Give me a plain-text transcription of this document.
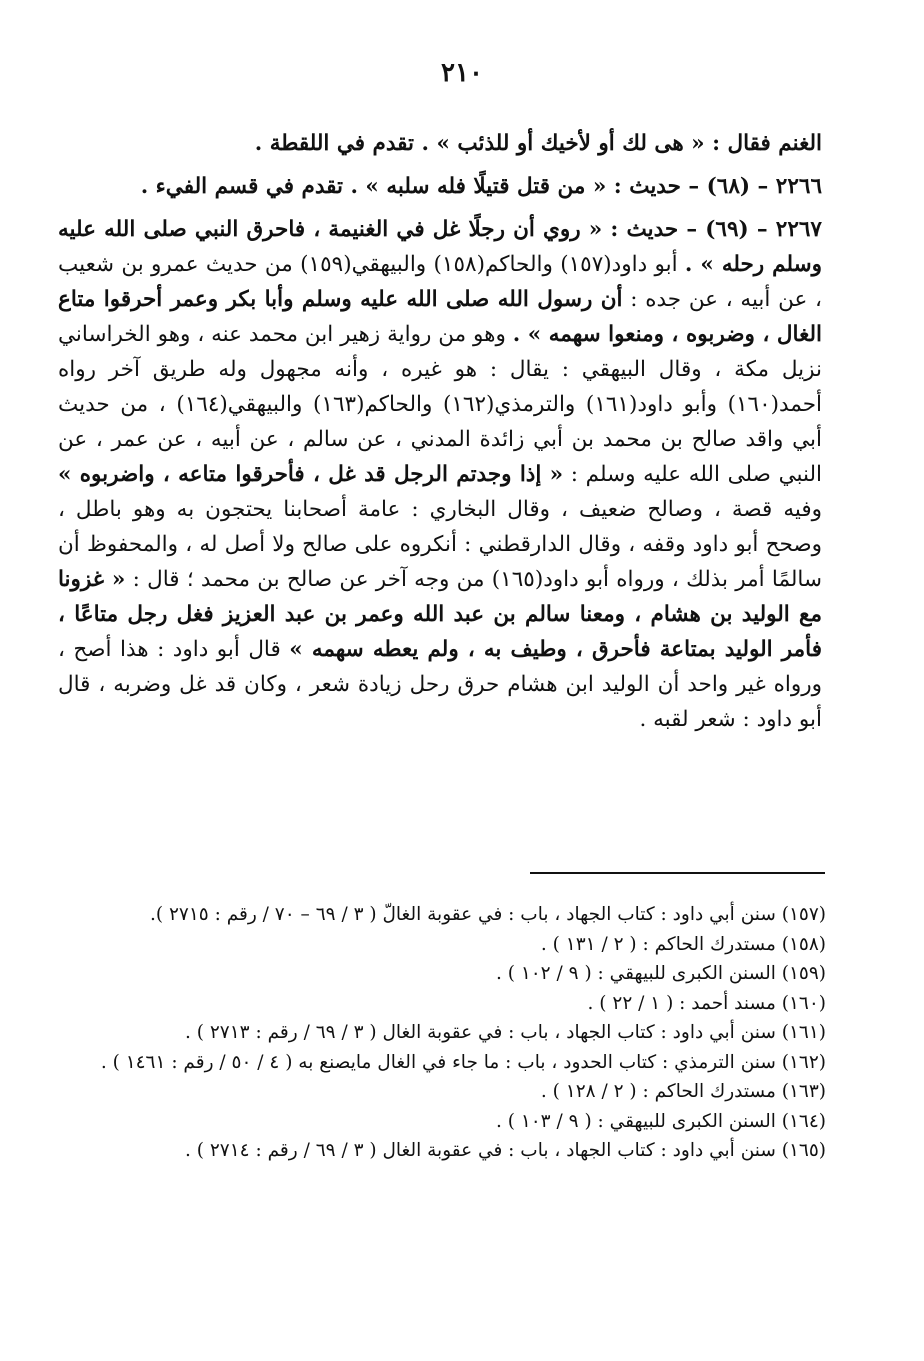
٢١٠

الغنم فقال : « هى لك أو لأخيك أو للذئب » . تقدم في اللقطة .

٢٢٦٦ – (٦٨) – حديث : « من قتل قتيلًا فله سلبه » . تقدم في قسم الفيء .

٢٢٦٧ – (٦٩) – حديث : « روي أن رجلًا غل في الغنيمة ، فاحرق النبي صلى الله عليه وسلم رحله » . أبو داود(١٥٧) والحاكم(١٥٨) والبيهقي(١٥٩) من حديث عمرو بن شعيب ، عن أبيه ، عن جده : أن رسول الله صلى الله عليه وسلم وأبا بكر وعمر أحرقوا متاع الغال ، وضربوه ، ومنعوا سهمه » . وهو من رواية زهير ابن محمد عنه ، وهو الخراساني نزيل مكة ، وقال البيهقي : يقال : هو غيره ، وأنه مجهول وله طريق آخر رواه أحمد(١٦٠) وأبو داود(١٦١) والترمذي(١٦٢) والحاكم(١٦٣) والبيهقي(١٦٤) ، من حديث أبي واقد صالح بن محمد بن أبي زائدة المدني ، عن سالم ، عن أبيه ، عن عمر ، عن النبي صلى الله عليه وسلم : « إذا وجدتم الرجل قد غل ، فأحرقوا متاعه ، واضربوه » وفيه قصة ، وصالح ضعيف ، وقال البخاري : عامة أصحابنا يحتجون به وهو باطل ، وصحح أبو داود وقفه ، وقال الدارقطني : أنكروه على صالح ولا أصل له ، والمحفوظ أن سالمًا أمر بذلك ، ورواه أبو داود(١٦٥) من وجه آخر عن صالح بن محمد ؛ قال : « غزونا مع الوليد بن هشام ، ومعنا سالم بن عبد الله وعمر بن عبد العزيز فغل رجل متاعًا ، فأمر الوليد بمتاعة فأحرق ، وطيف به ، ولم يعطه سهمه » قال أبو داود : هذا أصح ، ورواه غير واحد أن الوليد ابن هشام حرق رحل زيادة شعر ، وكان قد غل وضربه ، قال أبو داود : شعر لقبه .

(١٥٧) سنن أبي داود : كتاب الجهاد ، باب : في عقوبة الغالّ ( ٣ / ٦٩ – ٧٠ / رقم : ٢٧١٥ ).

(١٥٨) مستدرك الحاكم : ( ٢ / ١٣١ ) .

(١٥٩) السنن الكبرى للبيهقي : ( ٩ / ١٠٢ ) .

(١٦٠) مسند أحمد : ( ١ / ٢٢ ) .

(١٦١) سنن أبي داود : كتاب الجهاد ، باب : في عقوبة الغال ( ٣ / ٦٩ / رقم : ٢٧١٣ ) .

(١٦٢) سنن الترمذي : كتاب الحدود ، باب : ما جاء في الغال مايصنع به ( ٤ / ٥٠ / رقم : ١٤٦١ ) .

(١٦٣) مستدرك الحاكم : ( ٢ / ١٢٨ ) .

(١٦٤) السنن الكبرى للبيهقي : ( ٩ / ١٠٣ ) .

(١٦٥) سنن أبي داود : كتاب الجهاد ، باب : في عقوبة الغال ( ٣ / ٦٩ / رقم : ٢٧١٤ ) .
